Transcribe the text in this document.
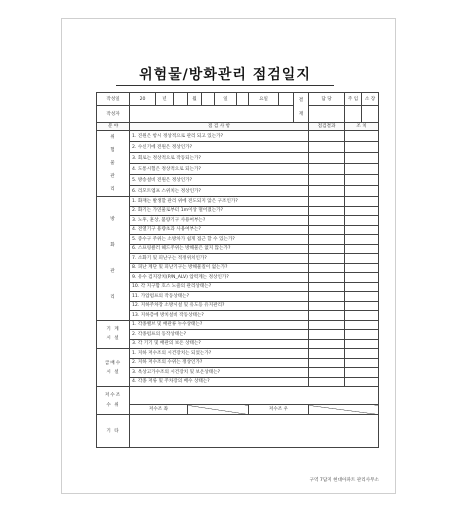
위험물/방화관리 점검일지
작성일	20	년		월		일		요일		결

재	담 당	주 임	소 장
작성자													
분 야	점 검 사 항										점검결과	조 치	
위
험
물
관
리	1. 진원은 항시 정상적으로 관리 되고 있는가?												
	2. 수신기에 전원은 정상인가?												
	3. 회로는 정상적으로 작동되는가?												
	4. 도통시험은 정상적으로 되는가?												
	5. 방송설비 전원은 정상인가?												
	6. 리모트엠프 스위치는 정상인가?												
방

화

관

리	1. 화재는 발생할 관리 위에 전도되지 않은 구조인가?												
	2. 화기는 가연물로부터 1m이상 떨어졌는가?												
	3. 노후, 훈상, 불량기구 사용여부는?												
	4. 전열기구 용량초과 사용여부는?												
	5. 증수구 주위는 소방차가 쉽게 접근 할 수 있는가?												
	6. 스프링클러 헤드주위는 방해물은 없지 않는가?												
	7. 소화기 및 피난구는 적정위치인가?												
	8. 피난 계단 및 피난기구는 방해물질이 없는가?												
	9. 유수 검지장치(P/N_ALV) 압력계는 정상인가?												
	10. 각 지구함 호스 노즐의 관리상태는?												
	11. 가압펌프의 작동상태는?												
	12. 지하주차장 소방시설 및 유도등 유지관리?												
	13. 지하층에 방치설비 작동상태는?												
기 계
시 설	1. 각종밸브 및 배관류 누수상태는?												
	2. 각종펌프의 동작상태는?												
	3. 각 기기 및 배관의 보온 상태는?												
급배수
시 설	1. 지하 저수조의 시건장치는 되었는가?												
	2. 지하 저수조의 수위는 정상인가?												
	3. 옥상고가수조의 시건장치 및 보온상태는?												
	4. 각종 저류 및 주차장의 배수 상태는?												
저수조
수 위													
	저수조 좌							저수조 우					
기 타													
구역 7담지 현대아파트 관리사무소
